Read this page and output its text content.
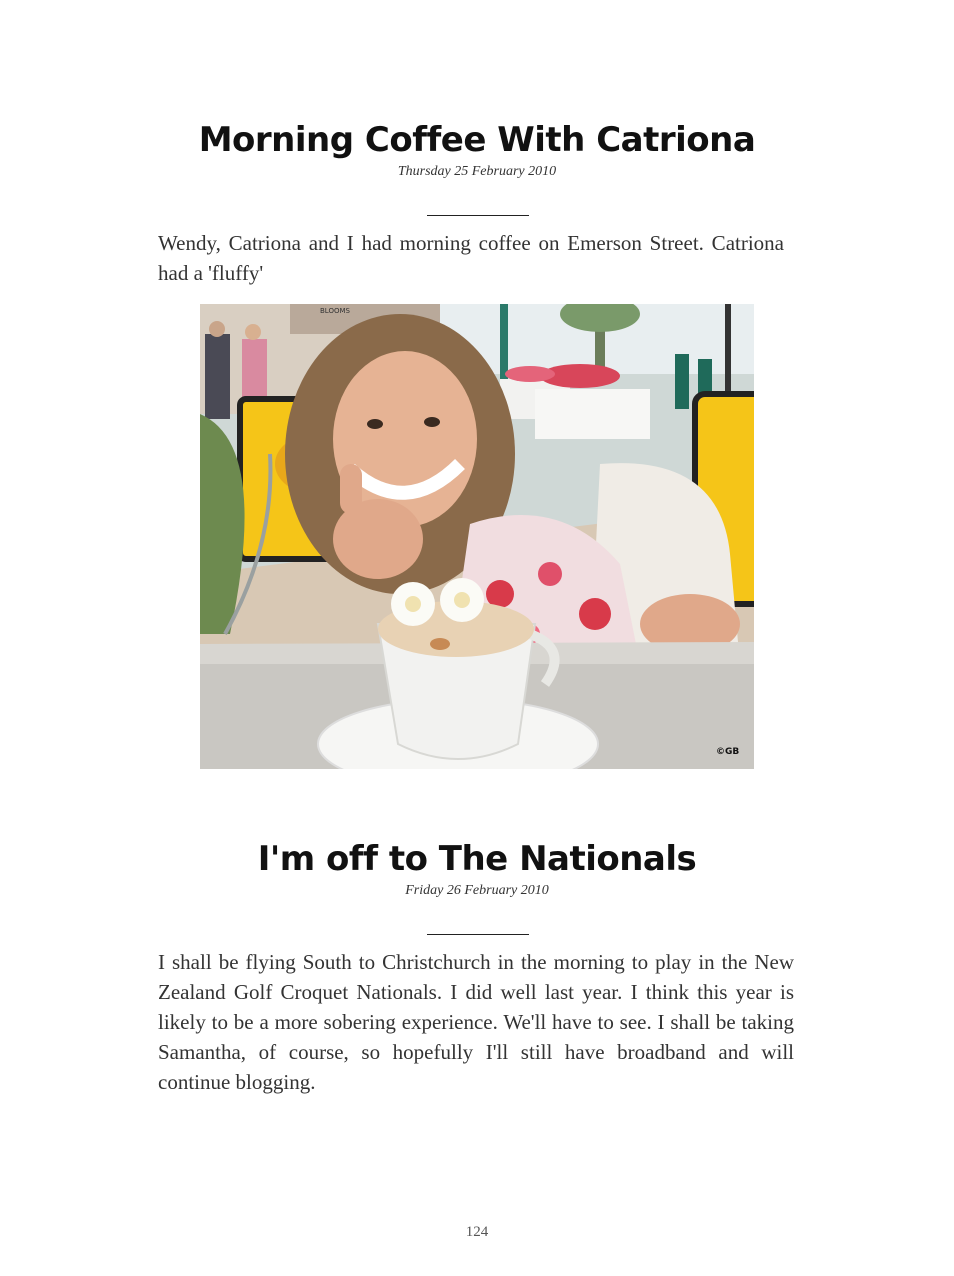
Morning Coffee With Catriona
Thursday 25 February 2010

Wendy, Catriona and I had morning coffee on Emerson Street. Catriona had a 'fluffy'

BLOOMS
©GB
I'm off to The Nationals
Friday 26 February 2010

I shall be flying South to Christchurch in the morning to play in the New Zealand Golf Croquet Nationals. I did well last year. I think this year is likely to be a more sobering experience. We'll have to see. I shall be taking Samantha, of course, so hopefully I'll still have broadband and will continue blogging.

124
